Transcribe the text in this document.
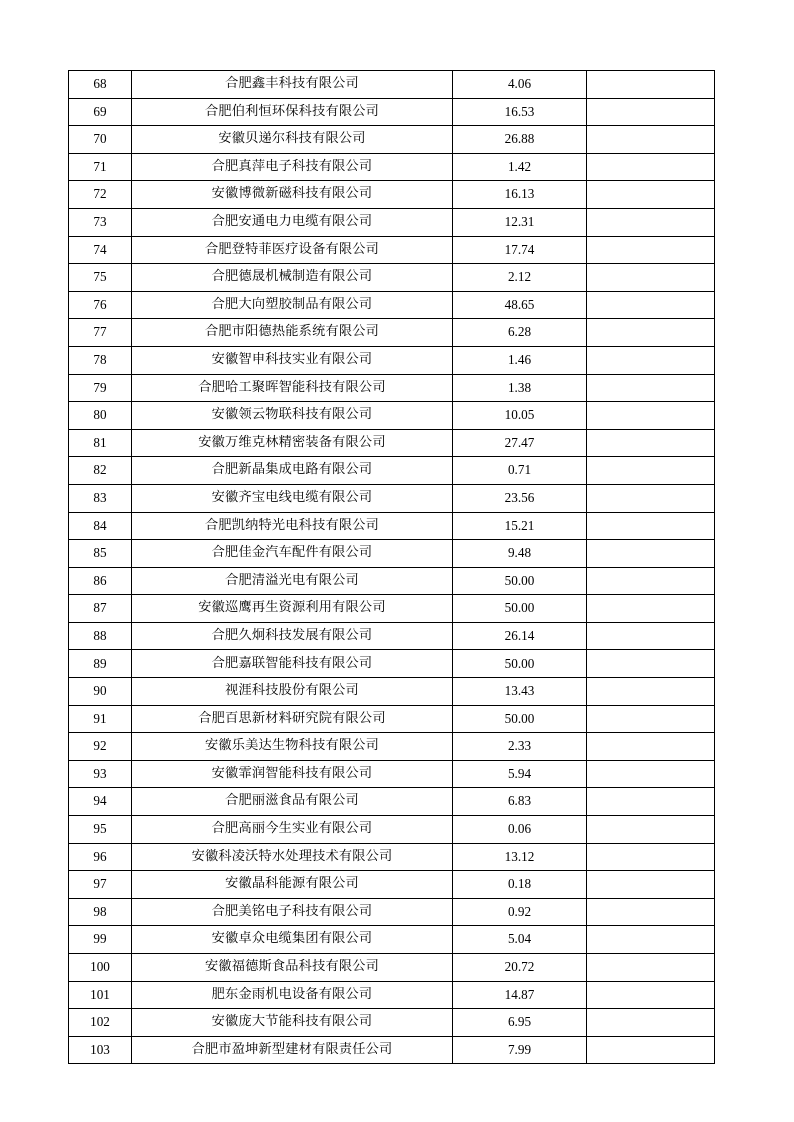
68	合肥鑫丰科技有限公司	4.06	
69	合肥伯利恒环保科技有限公司	16.53	
70	安徽贝递尔科技有限公司	26.88	
71	合肥真萍电子科技有限公司	1.42	
72	安徽博微新磁科技有限公司	16.13	
73	合肥安通电力电缆有限公司	12.31	
74	合肥登特菲医疗设备有限公司	17.74	
75	合肥德晟机械制造有限公司	2.12	
76	合肥大向塑胶制品有限公司	48.65	
77	合肥市阳德热能系统有限公司	6.28	
78	安徽智申科技实业有限公司	1.46	
79	合肥哈工聚晖智能科技有限公司	1.38	
80	安徽领云物联科技有限公司	10.05	
81	安徽万维克林精密装备有限公司	27.47	
82	合肥新晶集成电路有限公司	0.71	
83	安徽齐宝电线电缆有限公司	23.56	
84	合肥凯纳特光电科技有限公司	15.21	
85	合肥佳金汽车配件有限公司	9.48	
86	合肥清溢光电有限公司	50.00	
87	安徽巡鹰再生资源利用有限公司	50.00	
88	合肥久炯科技发展有限公司	26.14	
89	合肥嘉联智能科技有限公司	50.00	
90	视涯科技股份有限公司	13.43	
91	合肥百思新材料研究院有限公司	50.00	
92	安徽乐美达生物科技有限公司	2.33	
93	安徽霏润智能科技有限公司	5.94	
94	合肥丽滋食品有限公司	6.83	
95	合肥高丽今生实业有限公司	0.06	
96	安徽科凌沃特水处理技术有限公司	13.12	
97	安徽晶科能源有限公司	0.18	
98	合肥美铭电子科技有限公司	0.92	
99	安徽卓众电缆集团有限公司	5.04	
100	安徽福德斯食品科技有限公司	20.72	
101	肥东金雨机电设备有限公司	14.87	
102	安徽庞大节能科技有限公司	6.95	
103	合肥市盈坤新型建材有限责任公司	7.99	
